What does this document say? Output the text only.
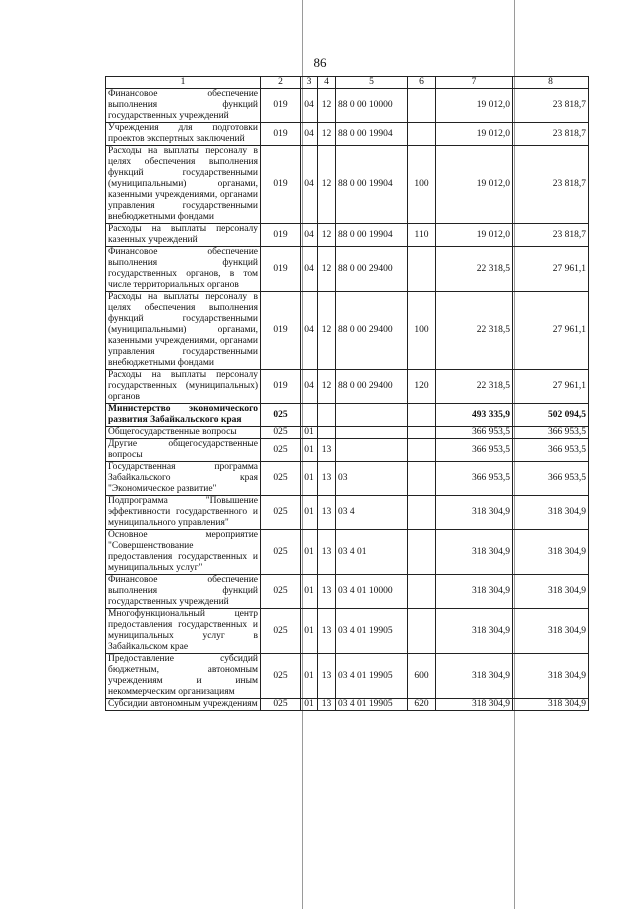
86
1	2	3	4	5	6	7	8
Финансовое обеспечение выполнения функций государственных учреждений	019	04	12	88 0 00 10000		19 012,0	23 818,7
Учреждения для подготовки проектов экспертных заключений	019	04	12	88 0 00 19904		19 012,0	23 818,7
Расходы на выплаты персоналу в целях обеспечения выполнения функций государственными (муниципальными) органами, казенными учреждениями, органами управления государственными внебюджетными фондами	019	04	12	88 0 00 19904	100	19 012,0	23 818,7
Расходы на выплаты персоналу казенных учреждений	019	04	12	88 0 00 19904	110	19 012,0	23 818,7
Финансовое обеспечение выполнения функций государственных органов, в том числе территориальных органов	019	04	12	88 0 00 29400		22 318,5	27 961,1
Расходы на выплаты персоналу в целях обеспечения выполнения функций государственными (муниципальными) органами, казенными учреждениями, органами управления государственными внебюджетными фондами	019	04	12	88 0 00 29400	100	22 318,5	27 961,1
Расходы на выплаты персоналу государственных (муниципальных) органов	019	04	12	88 0 00 29400	120	22 318,5	27 961,1
Министерство экономического развития Забайкальского края	025					493 335,9	502 094,5
Общегосударственные вопросы	025	01				366 953,5	366 953,5
Другие общегосударственные вопросы	025	01	13			366 953,5	366 953,5
Государственная программа Забайкальского края "Экономическое развитие"	025	01	13	03		366 953,5	366 953,5
Подпрограмма "Повышение эффективности государственного и муниципального управления"	025	01	13	03 4		318 304,9	318 304,9
Основное мероприятие "Совершенствование предоставления государственных и муниципальных услуг"	025	01	13	03 4 01		318 304,9	318 304,9
Финансовое обеспечение выполнения функций государственных учреждений	025	01	13	03 4 01 10000		318 304,9	318 304,9
Многофункциональный центр предоставления государственных и муниципальных услуг в Забайкальском крае	025	01	13	03 4 01 19905		318 304,9	318 304,9
Предоставление субсидий бюджетным, автономным учреждениям и иным некоммерческим организациям	025	01	13	03 4 01 19905	600	318 304,9	318 304,9
Субсидии автономным учреждениям	025	01	13	03 4 01 19905	620	318 304,9	318 304,9
